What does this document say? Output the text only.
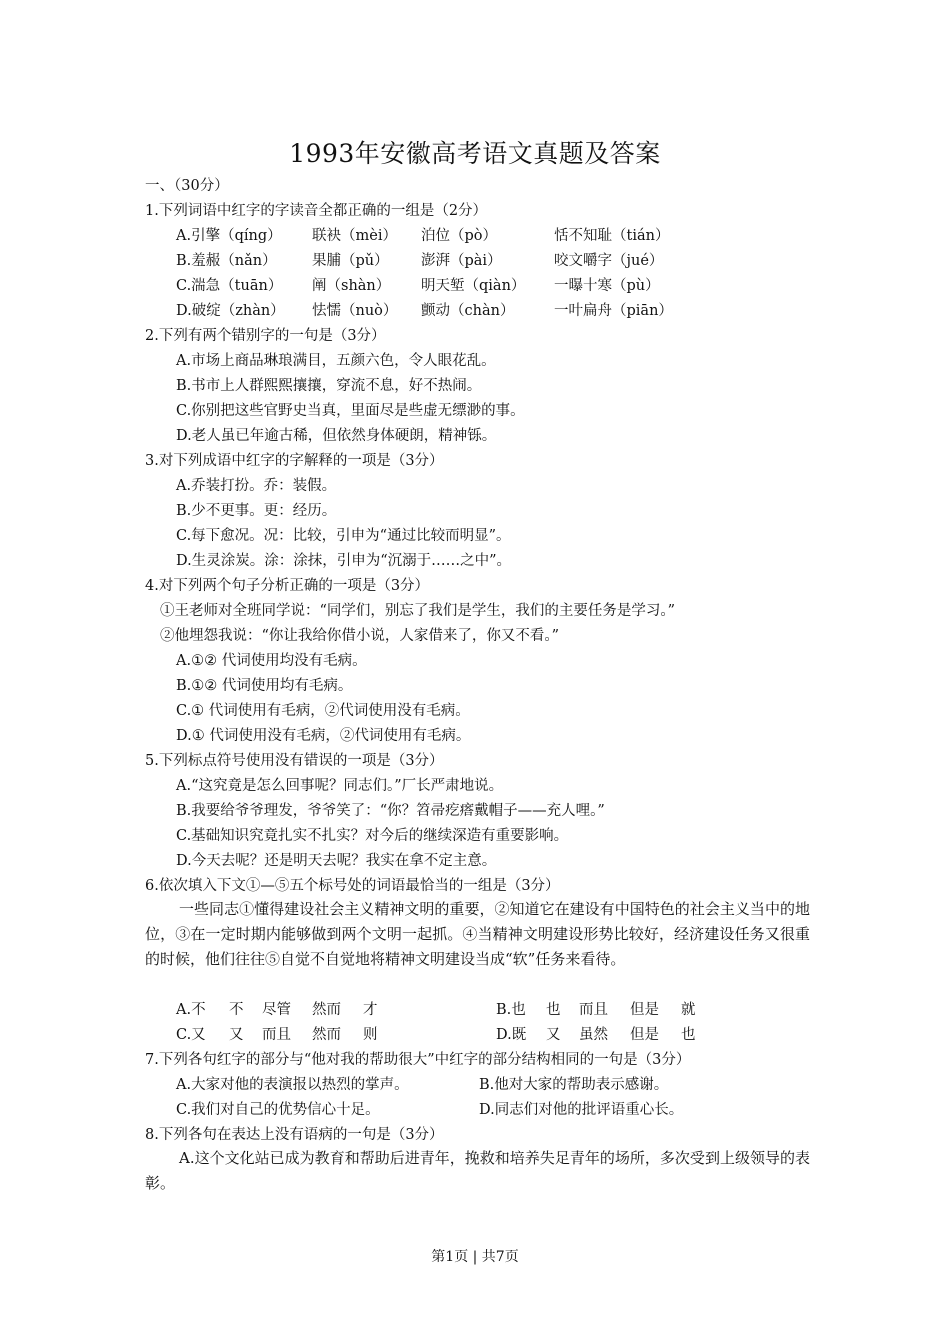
1993年安徽高考语文真题及答案
一、（30分）
1.下列词语中红字的字读音全都正确的一组是（2分）
A.引擎（qíng） 联袂（mèi） 泊位（pò）	恬不知耻（tián）
B.羞赧（nǎn） 果脯（pǔ） 澎湃（pài）	咬文嚼字（jué）
C.湍急（tuān） 阐（shàn） 明天堑（qiàn） 一曝十寒（pù）
D.破绽（zhàn） 怯懦（nuò） 颤动（chàn）	一叶扁舟（piān）
2.下列有两个错别字的一句是（3分）
A.市场上商品琳琅满目，五颜六色，令人眼花乱。
B.书市上人群熙熙攘攘，穿流不息，好不热闹。
C.你别把这些官野史当真，里面尽是些虚无缥渺的事。
D.老人虽已年逾古稀，但依然身体硬朗，精神铄。
3.对下列成语中红字的字解释的一项是（3分）
A.乔装打扮。乔：装假。
B.少不更事。更：经历。
C.每下愈况。况：比较，引申为“通过比较而明显”。
D.生灵涂炭。涂：涂抹，引申为“沉溺于……之中”。
4.对下列两个句子分析正确的一项是（3分）
①王老师对全班同学说：“同学们，别忘了我们是学生，我们的主要任务是学习。”
②他埋怨我说：“你让我给你借小说，人家借来了，你又不看。”
A.①② 代词使用均没有毛病。
B.①② 代词使用均有毛病。
C.① 代词使用有毛病，②代词使用没有毛病。
D.① 代词使用没有毛病，②代词使用有毛病。
5.下列标点符号使用没有错误的一项是（3分）
A.“这究竟是怎么回事呢？同志们。”厂长严肃地说。
B.我要给爷爷理发，爷爷笑了：“你？笤帚疙瘩戴帽子——充人哩。”
C.基础知识究竟扎实不扎实？对今后的继续深造有重要影响。
D.今天去呢？还是明天去呢？我实在拿不定主意。
6.依次填入下文①—⑤五个标号处的词语最恰当的一组是（3分）
一些同志①懂得建设社会主义精神文明的重要，②知道它在建设有中国特色的社会主义当中的地位，③在一定时期内能够做到两个文明一起抓。④当精神文明建设形势比较好，经济建设任务又很重的时候，他们往往⑤自觉不自觉地将精神文明建设当成“软”任务来看待。
A.不 不 尽管 然而 才	B.也 也 而且 但是 就
C.又 又 而且 然而 则	D.既 又 虽然 但是 也
7.下列各句红字的部分与“他对我的帮助很大”中红字的部分结构相同的一句是（3分）
A.大家对他的表演报以热烈的掌声。	B.他对大家的帮助表示感谢。
C.我们对自己的优势信心十足。	D.同志们对他的批评语重心长。
8.下列各句在表达上没有语病的一句是（3分）
A.这个文化站已成为教育和帮助后进青年，挽救和培养失足青年的场所，多次受到上级领导的表彰。
第1页 | 共7页
